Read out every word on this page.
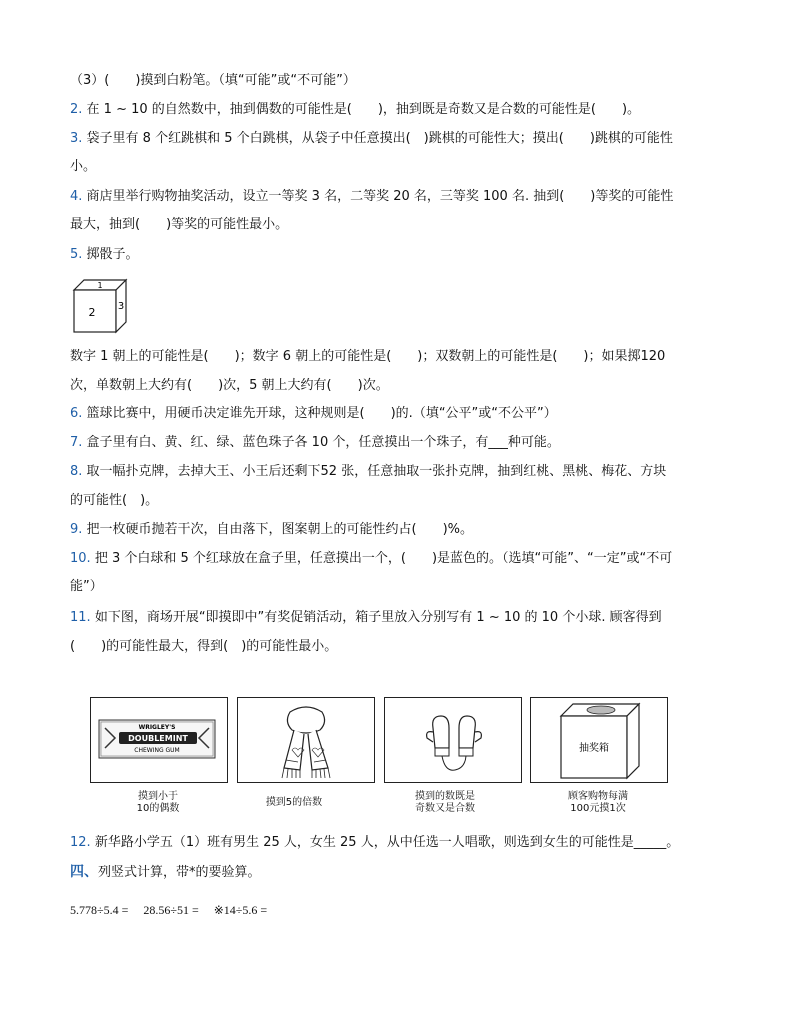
（3）(　　)摸到白粉笔。（填“可能”或“不可能”）
2. 在 1 ~ 10 的自然数中，抽到偶数的可能性是(　　)，抽到既是奇数又是合数的可能性是(　　)。
3. 袋子里有 8 个红跳棋和 5 个白跳棋，从袋子中任意摸出(　)跳棋的可能性大；摸出(　　)跳棋的可能性
小。
4. 商店里举行购物抽奖活动，设立一等奖 3 名，二等奖 20 名，三等奖 100 名. 抽到(　　)等奖的可能性
最大，抽到(　　)等奖的可能性最小。
5. 掷骰子。
1
2 3
数字 1 朝上的可能性是(　　)；数字 6 朝上的可能性是(　　)；双数朝上的可能性是(　　)；如果掷120
次，单数朝上大约有(　　)次，5 朝上大约有(　　)次。
6. 篮球比赛中，用硬币决定谁先开球，这种规则是(　　)的.（填“公平”或“不公平”）
7. 盒子里有白、黄、红、绿、蓝色珠子各 10 个，任意摸出一个珠子，有___种可能。
8. 取一幅扑克牌，去掉大王、小王后还剩下52 张，任意抽取一张扑克牌，抽到红桃、黑桃、梅花、方块
的可能性(　)。
9. 把一枚硬币抛若干次，自由落下，图案朝上的可能性约占(　　)%。
10. 把 3 个白球和 5 个红球放在盒子里，任意摸出一个，(　　)是蓝色的。（选填“可能”、“一定”或“不可
能”）
11. 如下图，商场开展“即摸即中”有奖促销活动，箱子里放入分别写有 1 ~ 10 的 10 个小球. 顾客得到
(　　)的可能性最大，得到(　)的可能性最小。
WRIGLEY'S
DOUBLEMINT
CHEWING GUM	抽奖箱
摸到小于
10的偶数
摸到5的倍数
摸到的数既是
奇数又是合数
顾客购物每满
100元摸1次
12. 新华路小学五（1）班有男生 25 人，女生 25 人，从中任选一人唱歌，则选到女生的可能性是_____。
四、列竖式计算，带*的要验算。
5.778÷5.4 = 28.56÷51 = ※14÷5.6 =
